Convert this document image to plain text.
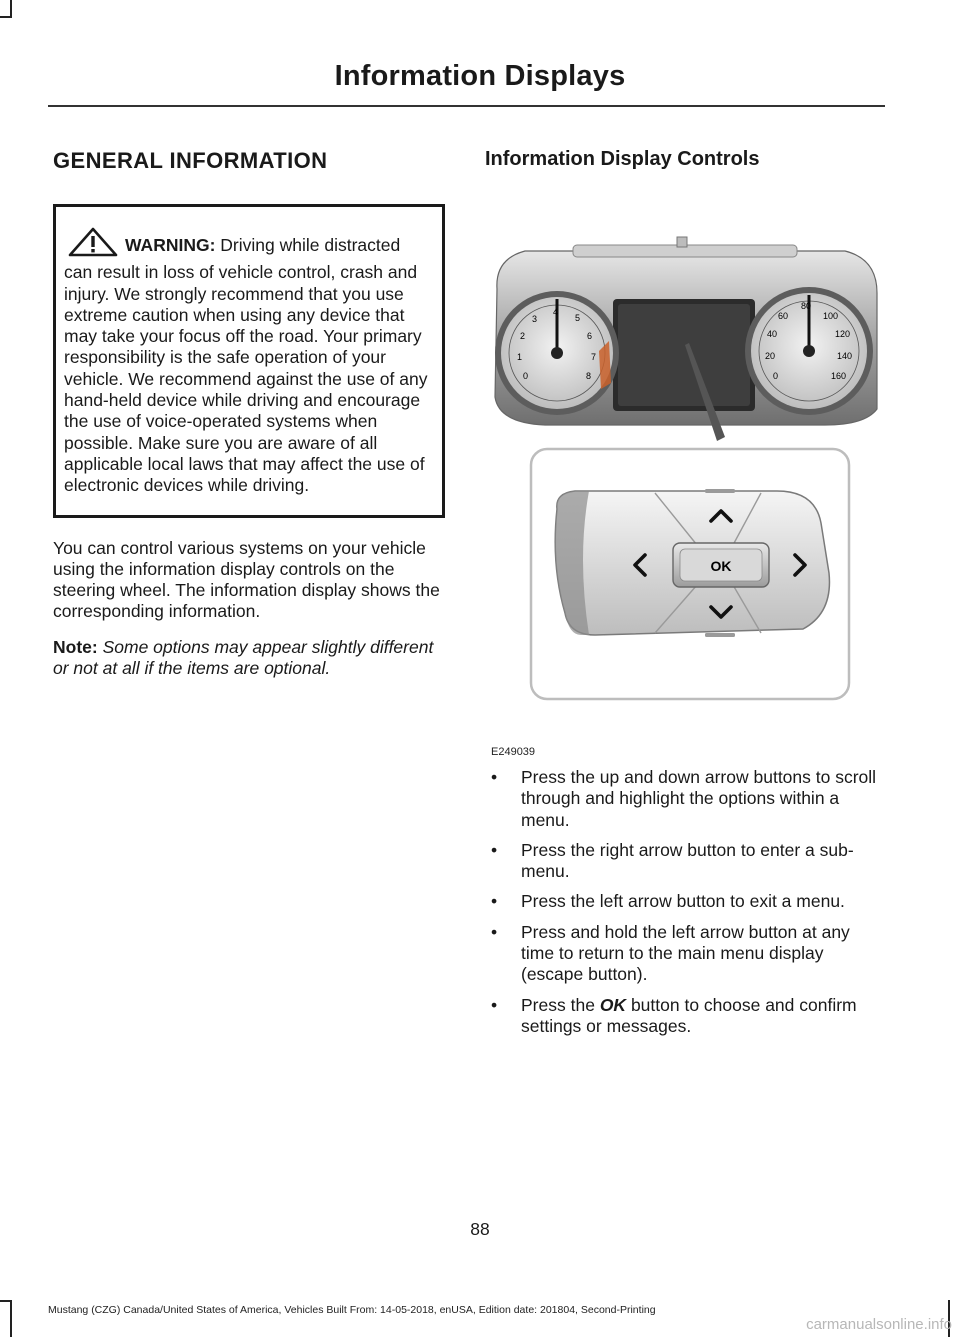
Information Displays
GENERAL INFORMATION
WARNING: Driving while distracted can result in loss of vehicle control, crash and injury. We strongly recommend that you use extreme caution when using any device that may take your focus off the road. Your primary responsibility is the safe operation of your vehicle. We recommend against the use of any hand-held device while driving and encourage the use of voice-operated systems when possible. Make sure you are aware of all applicable local laws that may affect the use of electronic devices while driving.

You can control various systems on your vehicle using the information display controls on the steering wheel. The information display shows the corresponding information.

Note: Some options may appear slightly different or not at all if the items are optional.

Information Display Controls
0
1
2
3
4
5
6
7
8	0
20
40
60
80
100
120
140
160
OK
E249039
• Press the up and down arrow buttons to scroll through and highlight the options within a menu.
• Press the right arrow button to enter a sub-menu.
• Press the left arrow button to exit a menu.
• Press and hold the left arrow button at any time to return to the main menu display (escape button).
• Press the OK button to choose and confirm settings or messages.
88
Mustang (CZG) Canada/United States of America, Vehicles Built From: 14-05-2018, enUSA, Edition date: 201804, Second-Printing
carmanualsonline.info
